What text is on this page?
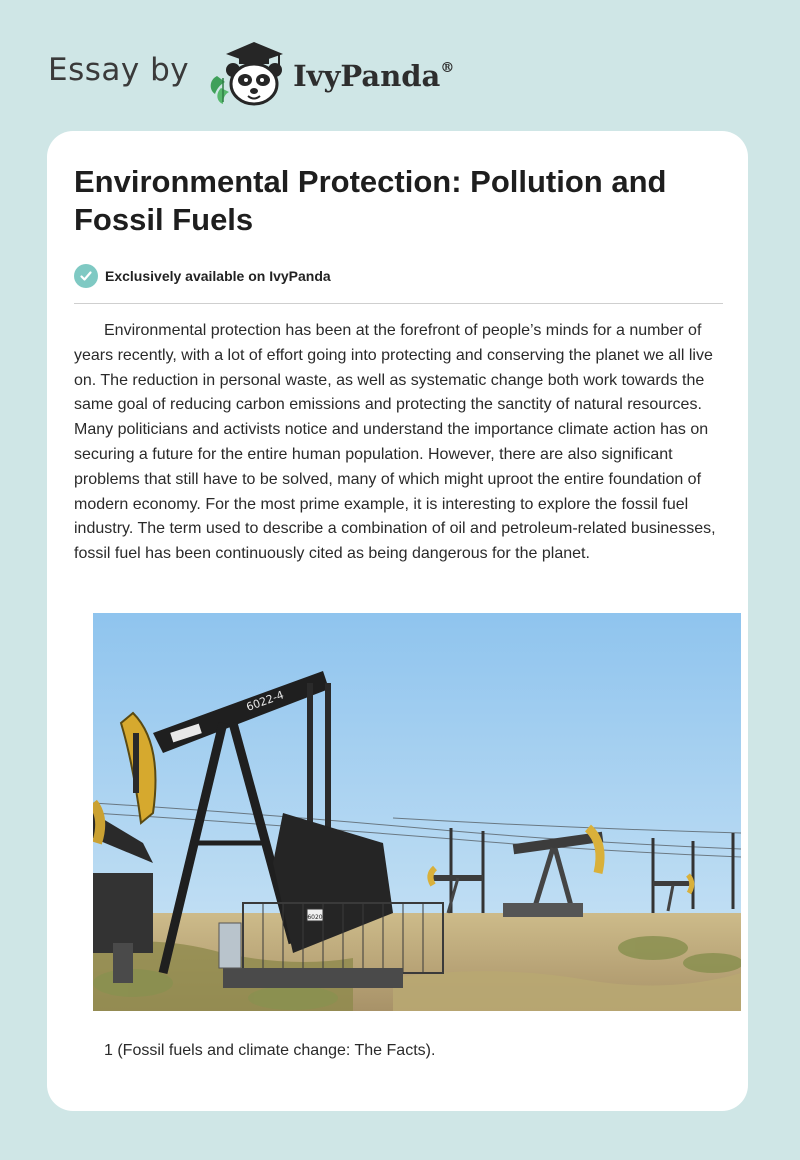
Essay by	IvyPanda®
Environmental Protection: Pollution and Fossil Fuels
Exclusively available on IvyPanda

Environmental protection has been at the forefront of people’s minds for a number of years recently, with a lot of effort going into protecting and conserving the planet we all live on. The reduction in personal waste, as well as systematic change both work towards the same goal of reducing carbon emissions and protecting the sanctity of natural resources. Many politicians and activists notice and understand the importance climate action has on securing a future for the entire human population. However, there are also significant problems that still have to be solved, many of which might uproot the entire foundation of modern economy. For the most prime example, it is interesting to explore the fossil fuel industry. The term used to describe a combination of oil and petroleum-related businesses, fossil fuel has been continuously cited as being dangerous for the planet.

6022-4
6020

1 (Fossil fuels and climate change: The Facts).
